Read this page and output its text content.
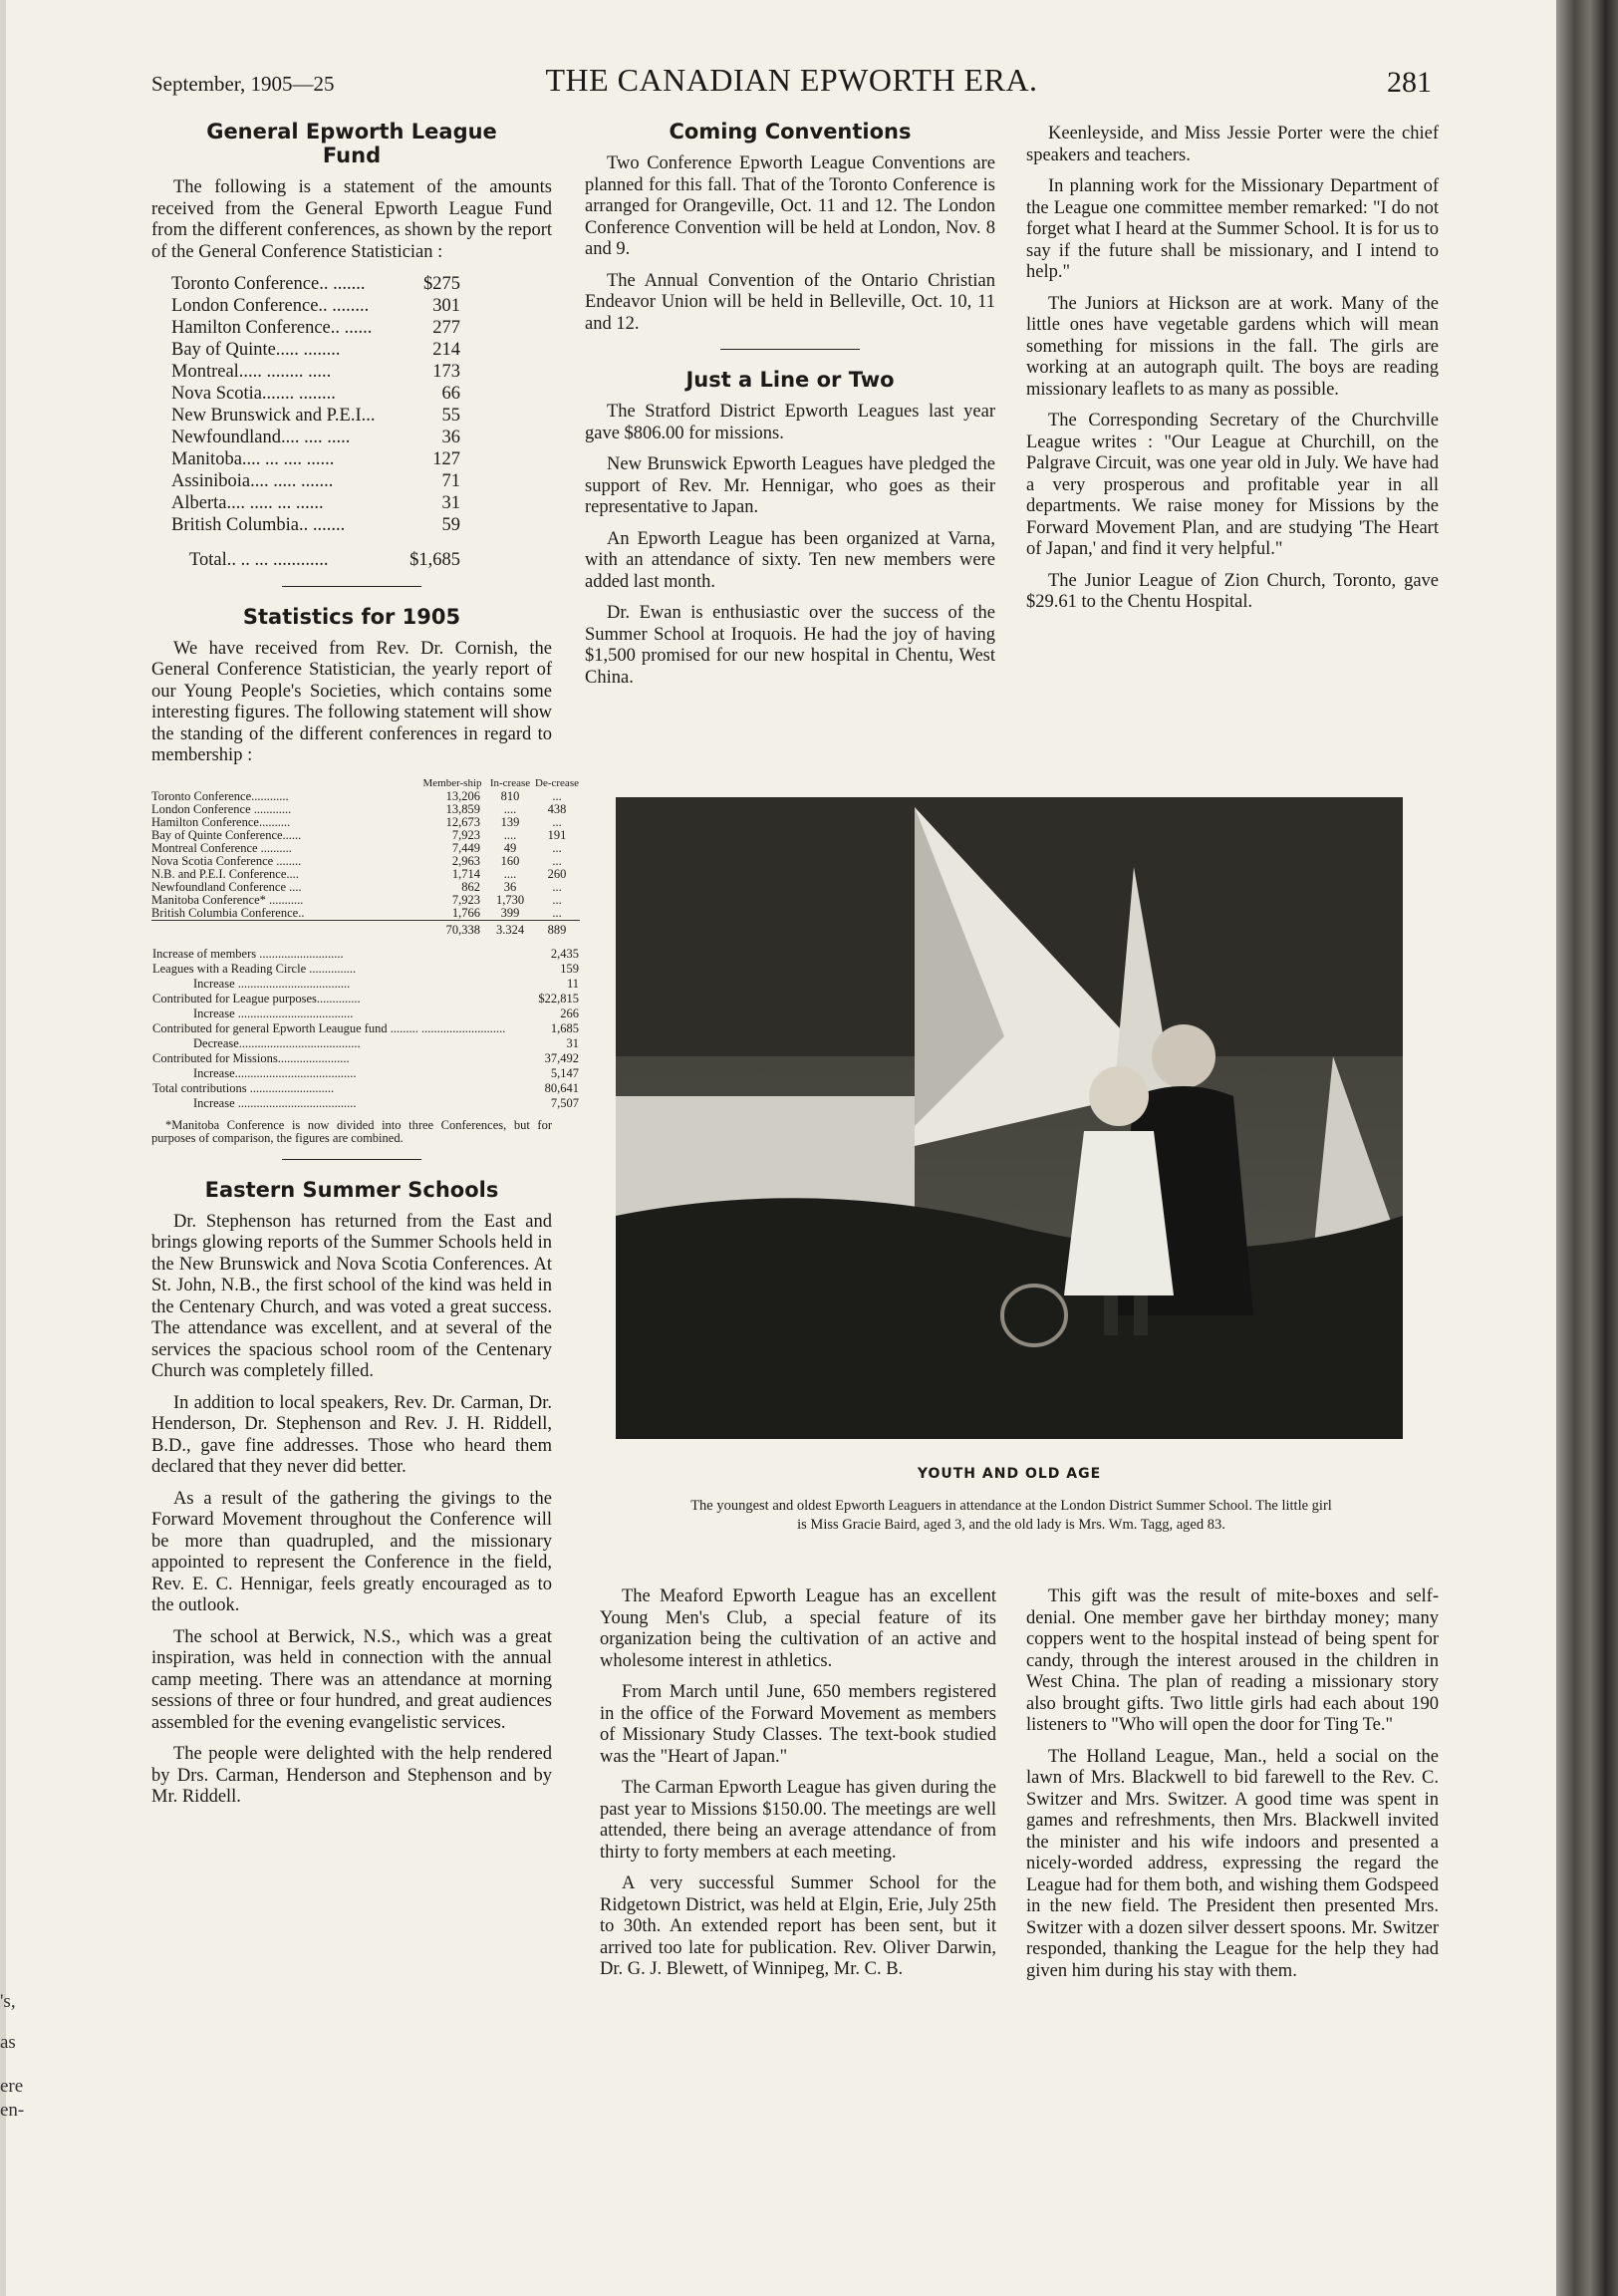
's,
as
ere
en-
September, 1905—25	THE CANADIAN EPWORTH ERA.	281
General Epworth League Fund

The following is a statement of the amounts received from the General Epworth League Fund from the different conferences, as shown by the report of the General Conference Statistician :

Toronto Conference.. .......	$275
London Conference.. ........	301
Hamilton Conference.. ......	277
Bay of Quinte..... ........	214
Montreal..... ........ .....	173
Nova Scotia....... ........	66
New Brunswick and P.E.I...	55
Newfoundland.... .... .....	36
Manitoba.... ... .... ......	127
Assiniboia.... ..... .......	71
Alberta.... ..... ... ......	31
British Columbia.. .......	59
Total.. .. ... ............	$1,685
Statistics for 1905

We have received from Rev. Dr. Cornish, the General Conference Statistician, the yearly report of our Young People's Societies, which contains some interesting figures. The following statement will show the standing of the different conferences in regard to membership :

	Member-ship	In-crease	De-crease
Toronto Conference............	13,206	810	...
London Conference ............	13,859	....	438
Hamilton Conference..........	12,673	139	...
Bay of Quinte Conference......	7,923	....	191
Montreal Conference ..........	7,449	49	...
Nova Scotia Conference ........	2,963	160	...
N.B. and P.E.I. Conference....	1,714	....	260
Newfoundland Conference ....	862	36	...
Manitoba Conference* ...........	7,923	1,730	...
British Columbia Conference..	1,766	399	...
	70,338	3.324	889
Increase of members ...........................	2,435
Leagues with a Reading Circle ...............	159
Increase ....................................	11
Contributed for League purposes..............	$22,815
Increase .....................................	266
Contributed for general Epworth Leaugue fund ......... ...........................	1,685
Decrease.......................................	31
Contributed for Missions.......................	37,492
Increase.......................................	5,147
Total contributions ...........................	80,641
Increase ......................................	7,507
*Manitoba Conference is now divided into three Conferences, but for purposes of comparison, the figures are combined.
Eastern Summer Schools

Dr. Stephenson has returned from the East and brings glowing reports of the Summer Schools held in the New Brunswick and Nova Scotia Conferences. At St. John, N.B., the first school of the kind was held in the Centenary Church, and was voted a great success. The attendance was excellent, and at several of the services the spacious school room of the Centenary Church was completely filled.

In addition to local speakers, Rev. Dr. Carman, Dr. Henderson, Dr. Stephenson and Rev. J. H. Riddell, B.D., gave fine addresses. Those who heard them declared that they never did better.

As a result of the gathering the givings to the Forward Movement throughout the Conference will be more than quadrupled, and the missionary appointed to represent the Conference in the field, Rev. E. C. Hennigar, feels greatly encouraged as to the outlook.

The school at Berwick, N.S., which was a great inspiration, was held in connection with the annual camp meeting. There was an attendance at morning sessions of three or four hundred, and great audiences assembled for the evening evangelistic services.

The people were delighted with the help rendered by Drs. Carman, Henderson and Stephenson and by Mr. Riddell.

Coming Conventions

Two Conference Epworth League Conventions are planned for this fall. That of the Toronto Conference is arranged for Orangeville, Oct. 11 and 12. The London Conference Convention will be held at London, Nov. 8 and 9.

The Annual Convention of the Ontario Christian Endeavor Union will be held in Belleville, Oct. 10, 11 and 12.

Just a Line or Two

The Stratford District Epworth Leagues last year gave $806.00 for missions.

New Brunswick Epworth Leagues have pledged the support of Rev. Mr. Hennigar, who goes as their representative to Japan.

An Epworth League has been organized at Varna, with an attendance of sixty. Ten new members were added last month.

Dr. Ewan is enthusiastic over the success of the Summer School at Iroquois. He had the joy of having $1,500 promised for our new hospital in Chentu, West China.

Keenleyside, and Miss Jessie Porter were the chief speakers and teachers.

In planning work for the Missionary Department of the League one committee member remarked: "I do not forget what I heard at the Summer School. It is for us to say if the future shall be missionary, and I intend to help."

The Juniors at Hickson are at work. Many of the little ones have vegetable gardens which will mean something for missions in the fall. The girls are working at an autograph quilt. The boys are reading missionary leaflets to as many as possible.

The Corresponding Secretary of the Churchville League writes : "Our League at Churchill, on the Palgrave Circuit, was one year old in July. We have had a very prosperous and profitable year in all departments. We raise money for Missions by the Forward Movement Plan, and are studying 'The Heart of Japan,' and find it very helpful."

The Junior League of Zion Church, Toronto, gave $29.61 to the Chentu Hospital.

YOUTH AND OLD AGE
The youngest and oldest Epworth Leaguers in attendance at the London District Summer School. The little girl is Miss Gracie Baird, aged 3, and the old lady is Mrs. Wm. Tagg, aged 83.

The Meaford Epworth League has an excellent Young Men's Club, a special feature of its organization being the cultivation of an active and wholesome interest in athletics.

From March until June, 650 members registered in the office of the Forward Movement as members of Missionary Study Classes. The text-book studied was the "Heart of Japan."

The Carman Epworth League has given during the past year to Missions $150.00. The meetings are well attended, there being an average attendance of from thirty to forty members at each meeting.

A very successful Summer School for the Ridgetown District, was held at Elgin, Erie, July 25th to 30th. An extended report has been sent, but it arrived too late for publication. Rev. Oliver Darwin, Dr. G. J. Blewett, of Winnipeg, Mr. C. B.

This gift was the result of mite-boxes and self-denial. One member gave her birthday money; many coppers went to the hospital instead of being spent for candy, through the interest aroused in the children in West China. The plan of reading a missionary story also brought gifts. Two little girls had each about 190 listeners to "Who will open the door for Ting Te."

The Holland League, Man., held a social on the lawn of Mrs. Blackwell to bid farewell to the Rev. C. Switzer and Mrs. Switzer. A good time was spent in games and refreshments, then Mrs. Blackwell invited the minister and his wife indoors and presented a nicely-worded address, expressing the regard the League had for them both, and wishing them Godspeed in the new field. The President then presented Mrs. Switzer with a dozen silver dessert spoons. Mr. Switzer responded, thanking the League for the help they had given him during his stay with them.
